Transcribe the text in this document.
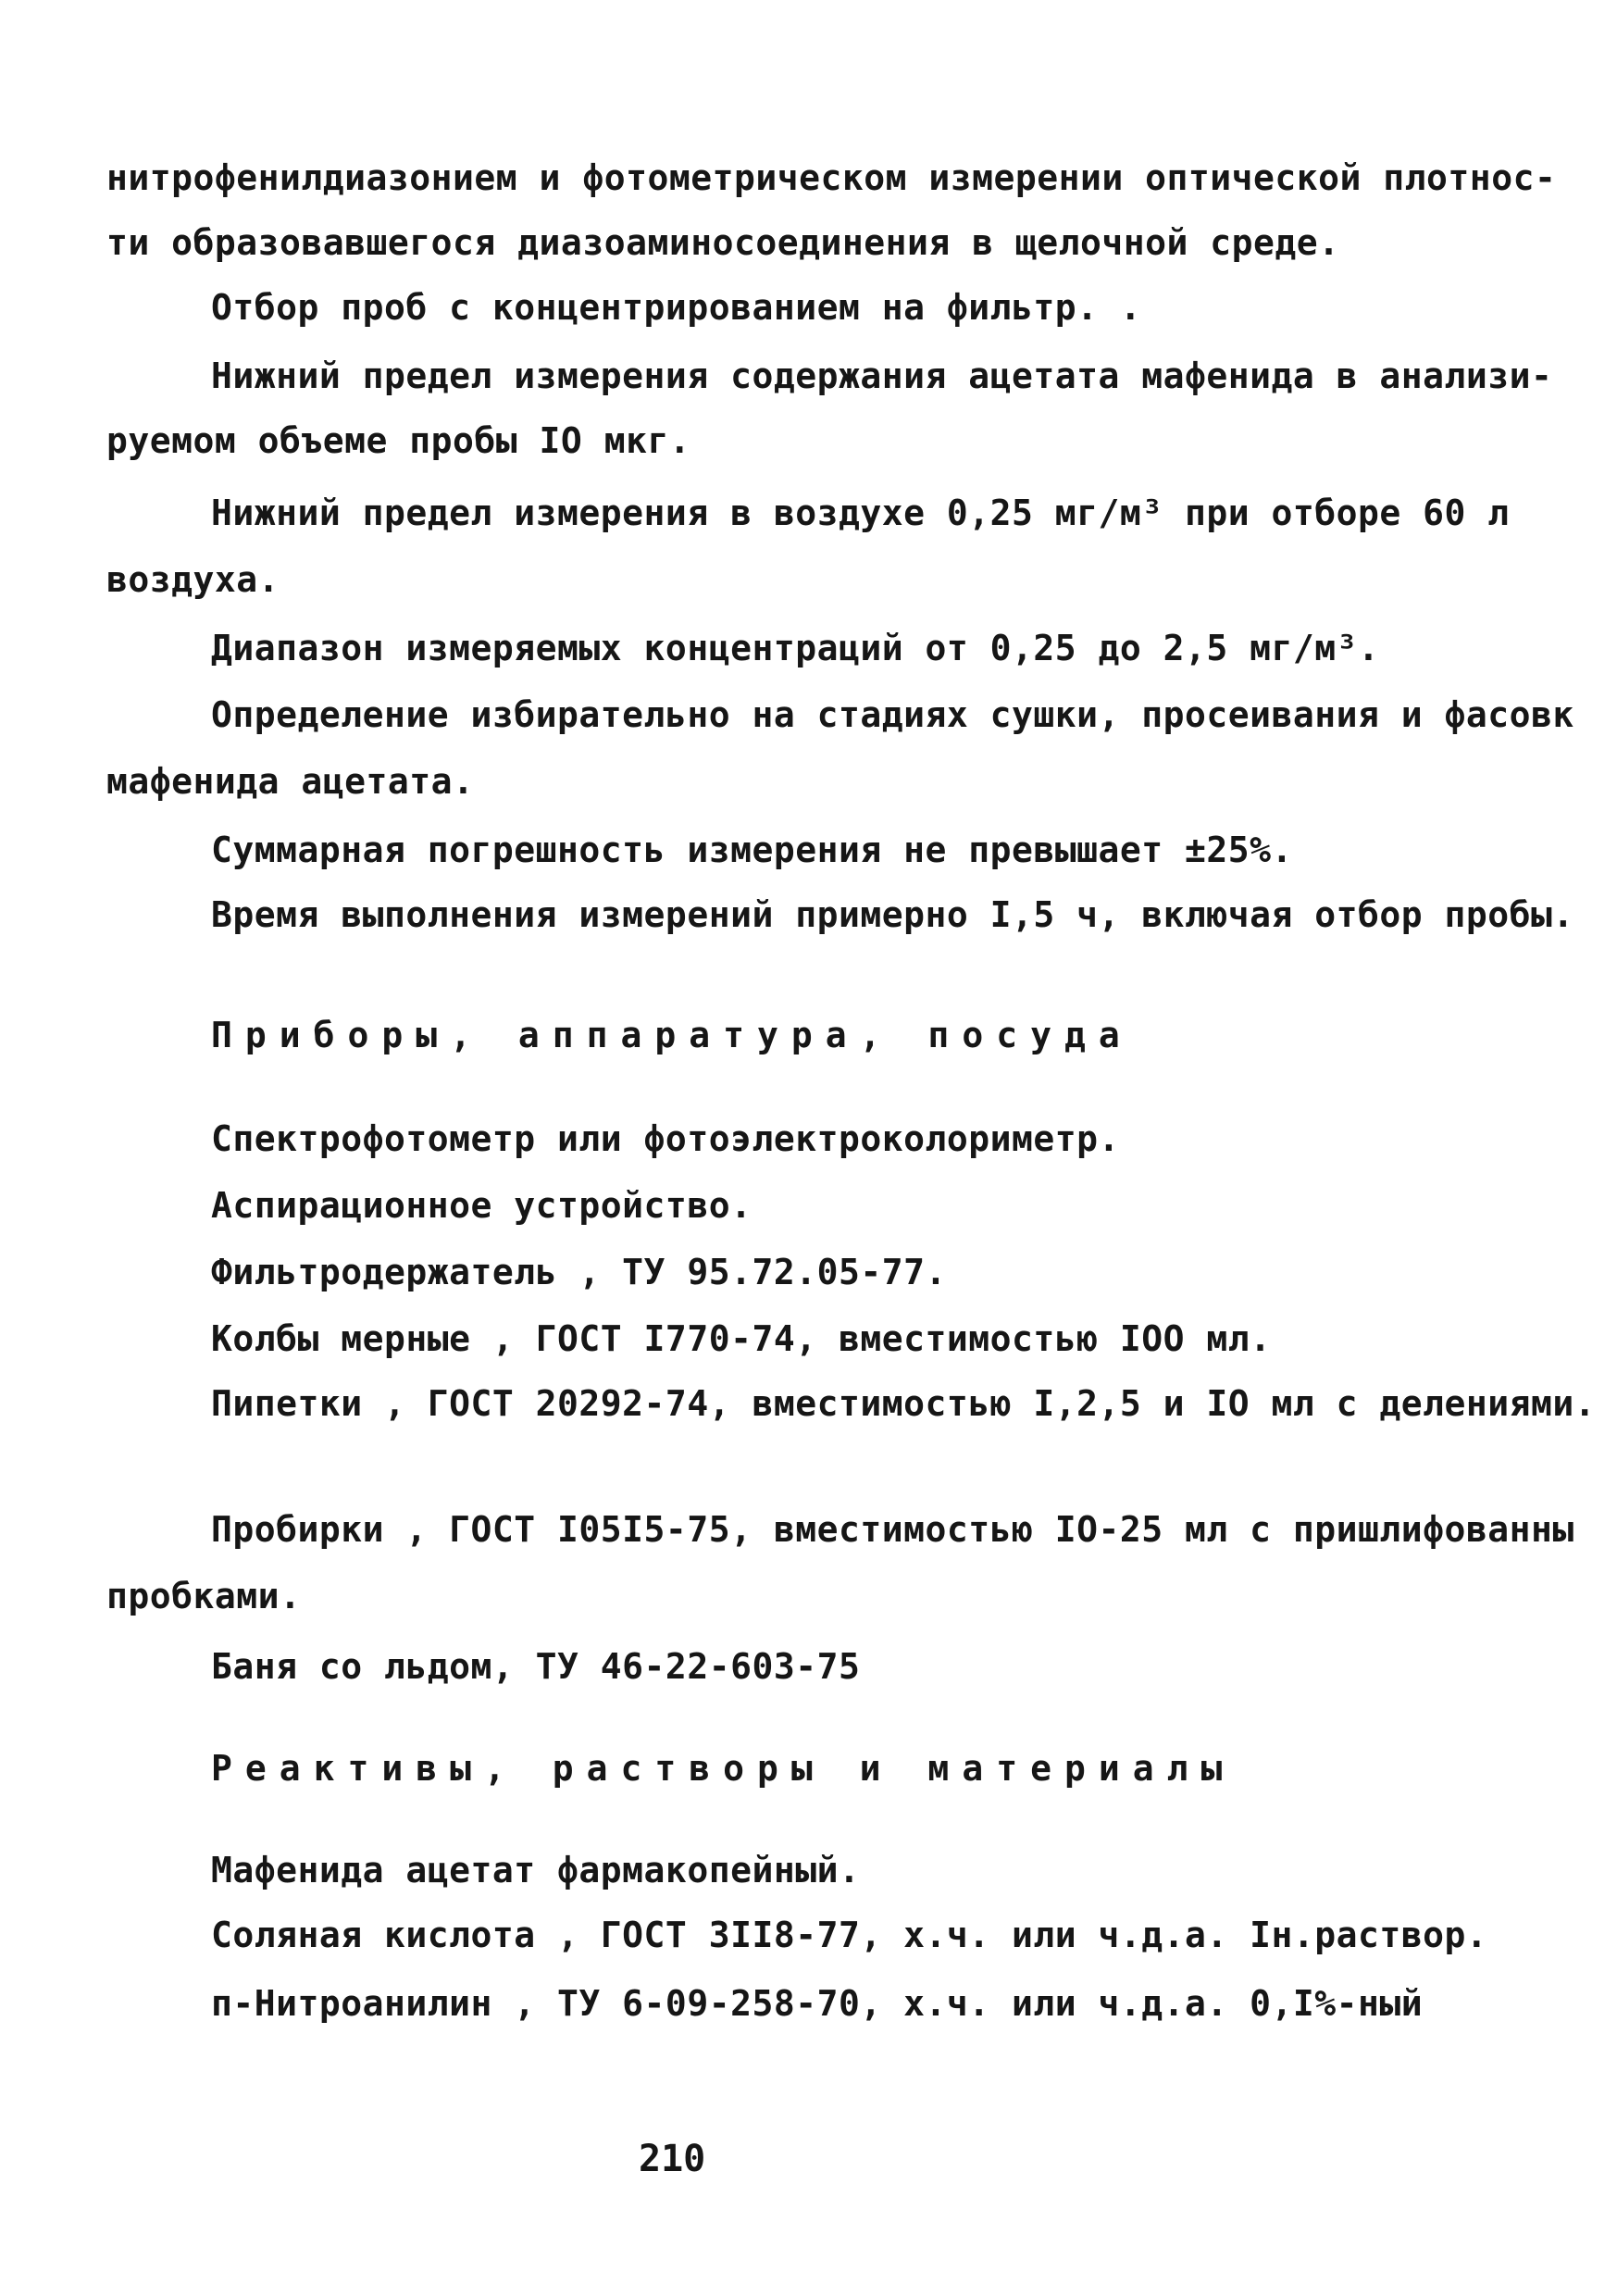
нитрофенилдиазонием и фотометрическом измерении оптической плотнос-
ти образовавшегося диазоаминосоединения в щелочной среде.
Отбор проб с концентрированием на фильтр. .
Нижний предел измерения содержания ацетата мафенида в анализи-
руемом объеме пробы IO мкг.
Нижний предел измерения в воздухе 0,25 мг/м³ при отборе 60 л
воздуха.
Диапазон измеряемых концентраций от 0,25 до 2,5 мг/м³.
Определение избирательно на стадиях сушки, просеивания и фасовк
мафенида ацетата.
Суммарная погрешность измерения не превышает ±25%.
Время выполнения измерений примерно I,5 ч, включая отбор пробы.
Приборы, аппаратура, посуда
Спектрофотометр или фотоэлектроколориметр.
Аспирационное устройство.
Фильтродержатель , ТУ 95.72.05-77.
Колбы мерные , ГОСТ I770-74, вместимостью IOO мл.
Пипетки , ГОСТ 20292-74, вместимостью I,2,5 и IO мл с делениями.
Пробирки , ГОСТ I05I5-75, вместимостью IO-25 мл с пришлифованны
пробками.
Баня со льдом, ТУ 46-22-603-75
Реактивы, растворы и материалы
Мафенида ацетат фармакопейный.
Соляная кислота , ГОСТ 3II8-77, х.ч. или ч.д.а. Iн.раствор.
п-Нитроанилин , ТУ 6-09-258-70, х.ч. или ч.д.а. 0,I%-ный
210
